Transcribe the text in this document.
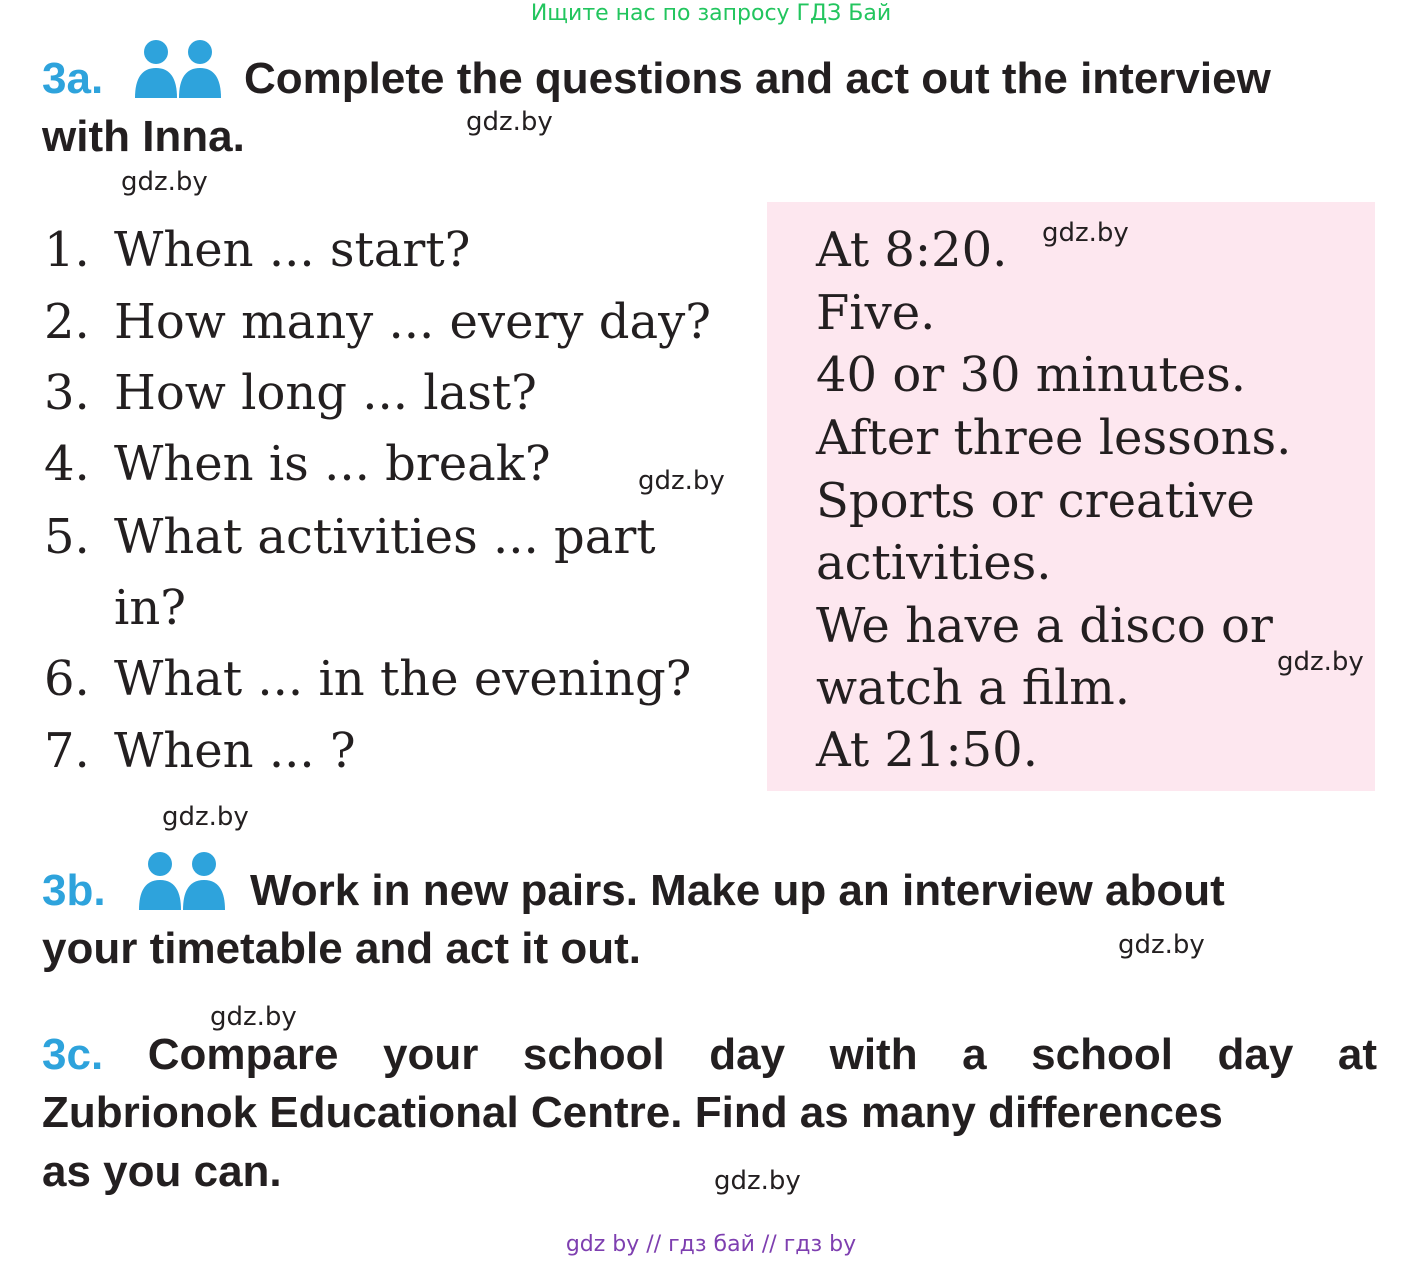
Ищите нас по запросу ГДЗ Бай
3a.	Complete the questions and act out the interview
with Inna.
1. When ... start?
2. How many ... every day?
3. How long ... last?
4. When is ... break?
5. What activities ... part
in?
6. What ... in the evening?
7. When ... ?
At 8:20.
Five.
40 or 30 minutes.
After three lessons.
Sports or creative
activities.
We have a disco or
watch a film.
At 21:50.
3b.	Work in new pairs. Make up an interview about
your timetable and act it out.
3c. Compare your school day with a school day at
Zubrionok Educational Centre. Find as many differences
as you can.
gdz.by
gdz.by
gdz.by
gdz.by
gdz.by
gdz.by
gdz.by
gdz.by
gdz.by
gdz by // гдз бай // гдз by
